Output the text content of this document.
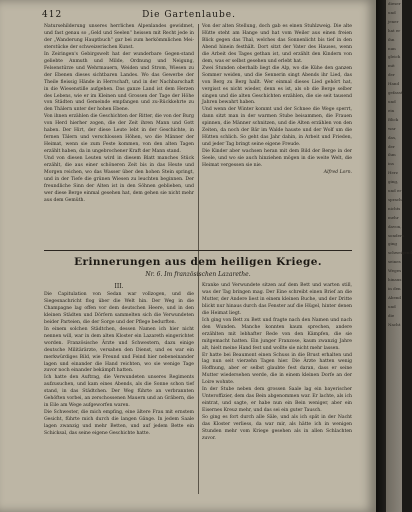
412	Die Gartenlaube.

Natursehilderung unseres herrlichen Alpenlandes gewidmet, und fast genau so „Geld und Seelen“ heissen mit Recht jede in der „Wanderung Hauptbuch“ gar bei zum herkömmlichen Mei-sterstücke der schweizerischen Kunst.

In Zeiringen's Gebirgswelt hat der wunderbare Gegen-stand geliebte Anmuth und Milde, Ordnung und Neigung, Felsenstürze und Wehrmauern, Weiden und Strom, Wiesen zu der Ebenen dieses sichtbaren Landes. Wo das Gewerbe der Theile fleissig Hände in Herrschaft, und in der Nachbarschaft in die Wiesenstille aufgehen. Das ganze Land ist dem Herzen des Lebens, wie er im Kleinen und Grossen der Tage der Höhe von Städten und Gemeinde empfangen und zu-Rückkehrte zu den Thälern unter der hohen Ebene.

Von ihnen erzählen die Geschichten der Ritter, die von der Burg von Herd hierher zogen, die der Zeit ihren Mann und Gott haben. Der Hirt, der diese Leute lebt in der Geschichte, in fernen Tälern und verschlossen Höhen, wo die Männer der Heimat, wenn sie zum Feste kommen, von den alten Tagen erzählt haben, da in ungebrochener Kraft der Mann stand.

Und von diesen Leuten wird in diesem Blatt manches Stück erzählt, die aus einer schöneren Zeit bis in das Heute und Morgen reichen, wo das Wasser über den hohen Stein springt, und in der Tiefe die grünen Wiesen zu leuchten beginnen. Der freundliche Sinn der Alten ist in den Söhnen geblieben, und wer diese Berge einmal gesehen hat, dem gehen sie nicht mehr aus dem Gemüth.

Von der alten Stellung, doch gab es einen Stuhlzweig. Die alte Hütte steht am Hange und hat vom Weiler aus einen freien Blick gegen das Thal, welches das Sonnenlicht bis tief in den Abend hinein festhält. Dort sitzt der Vater des Hauses, wenn die Arbeit des Tages gethan ist, und erzählt den Kindern von dem, was er selbst gesehen und erlebt hat.

Zwei Stunden oberhalb liegt die Alp, wo die Kühe den ganzen Sommer weiden, und die Sennerin singt Abends ihr Lied, das von Berg zu Berg hallt. Wer einmal dieses Lied gehört hat, vergisst es nicht wieder, denn es ist, als ob die Berge selber singen und die alten Geschichten erzählen, die sie seit tausend Jahren bewahrt haben.

Und wenn der Winter kommt und der Schnee die Wege sperrt, dann sitzt man in der warmen Stube beisammen, die Frauen spinnen, die Männer schnitzen, und die Alten erzählen von den Zeiten, da noch der Bär im Walde hauste und der Wolf um die Hütten schlich. So geht das Jahr dahin, in Arbeit und Frieden, und jeder Tag bringt seine eigene Freude.

Die Kinder aber wachsen heran mit dem Bild der Berge in der Seele, und wo sie auch hinziehen mögen in die weite Welt, die Heimat vergessen sie nie.

Alfred Lorn.

Erinnerungen aus dem heiligen Kriege.
Nr. 6. Im französischen Lazarethe.
III.

Die Capitulation von Sedan war vollzogen, und die Siegesnachricht flog über die Welt hin. Der Weg in die Champagne lag offen vor dem deutschen Heere, und in den kleinen Städten und Dörfern sammelten sich die Verwundeten beider Parteien, die der Sorge und der Pflege bedurften.

In einem solchen Städtchen, dessen Namen ich hier nicht nennen will, war in dem alten Kloster ein Lazareth eingerichtet worden. Französische Ärzte und Schwestern, dazu einige deutsche Militärärzte, versahen den Dienst, und es war ein merkwürdiges Bild, wie Freund und Feind hier nebeneinander lagen und einander die Hand reichten, wo sie wenige Tage zuvor noch einander bekämpft hatten.

Ich hatte den Auftrag, die Verwundeten unseres Regiments aufzusuchen, und kam eines Abends, als die Sonne schon tief stand, in das Städtchen. Der Weg führte an verbrannten Gehöften vorbei, an zerschossenen Mauern und an Gräbern, die in Eile am Wege aufgeworfen waren.

Die Schwester, die mich empfing, eine ältere Frau mit ernstem Gesicht, führte mich durch die langen Gänge. In jedem Saale lagen zwanzig und mehr Betten, und auf jedem Bette ein Schicksal, das seine eigene Geschichte hatte.

Kranke und Verwundete sitzen auf dem Bett und warten still, was der Tag bringen mag. Der Eine schreibt einen Brief an die Mutter, der Andere liest in einem kleinen Buche, und der Dritte blickt nur hinaus durch das Fenster auf die Hügel, hinter denen die Heimat liegt.

Ich ging von Bett zu Bett und fragte nach den Namen und nach den Wunden. Manche konnten kaum sprechen, andere erzählten mit lebhafter Rede von den Kämpfen, die sie mitgemacht hatten. Ein junger Franzose, kaum zwanzig Jahre alt, hielt meine Hand fest und wollte sie nicht mehr lassen.

Er hatte bei Beaumont einen Schuss in die Brust erhalten und lag nun seit vierzehn Tagen hier. Die Ärzte hatten wenig Hoffnung, aber er selbst glaubte fest daran, dass er seine Mutter wiedersehen werde, die in einem kleinen Dorfe an der Loire wohnte.

In der Stube neben dem grossen Saale lag ein bayerischer Unteroffizier, dem das Bein abgenommen war. Er lachte, als ich eintrat, und sagte, er habe nun ein Bein weniger, aber ein Eisernes Kreuz mehr, und das sei ein guter Tausch.

So ging es fort durch alle Säle, und als ich spät in der Nacht das Kloster verliess, da war mir, als hätte ich in wenigen Stunden mehr vom Kriege gesehen als in allen Schlachten zuvor.

dieser und jener hat er ihn nun gleich mit der Hand gefasst, und ein Blick war das, der ihm ins Herz ging, und er sprach nichts mehr davon, sondern ging schweigend seines Weges hinaus in den Abend und die Nacht
